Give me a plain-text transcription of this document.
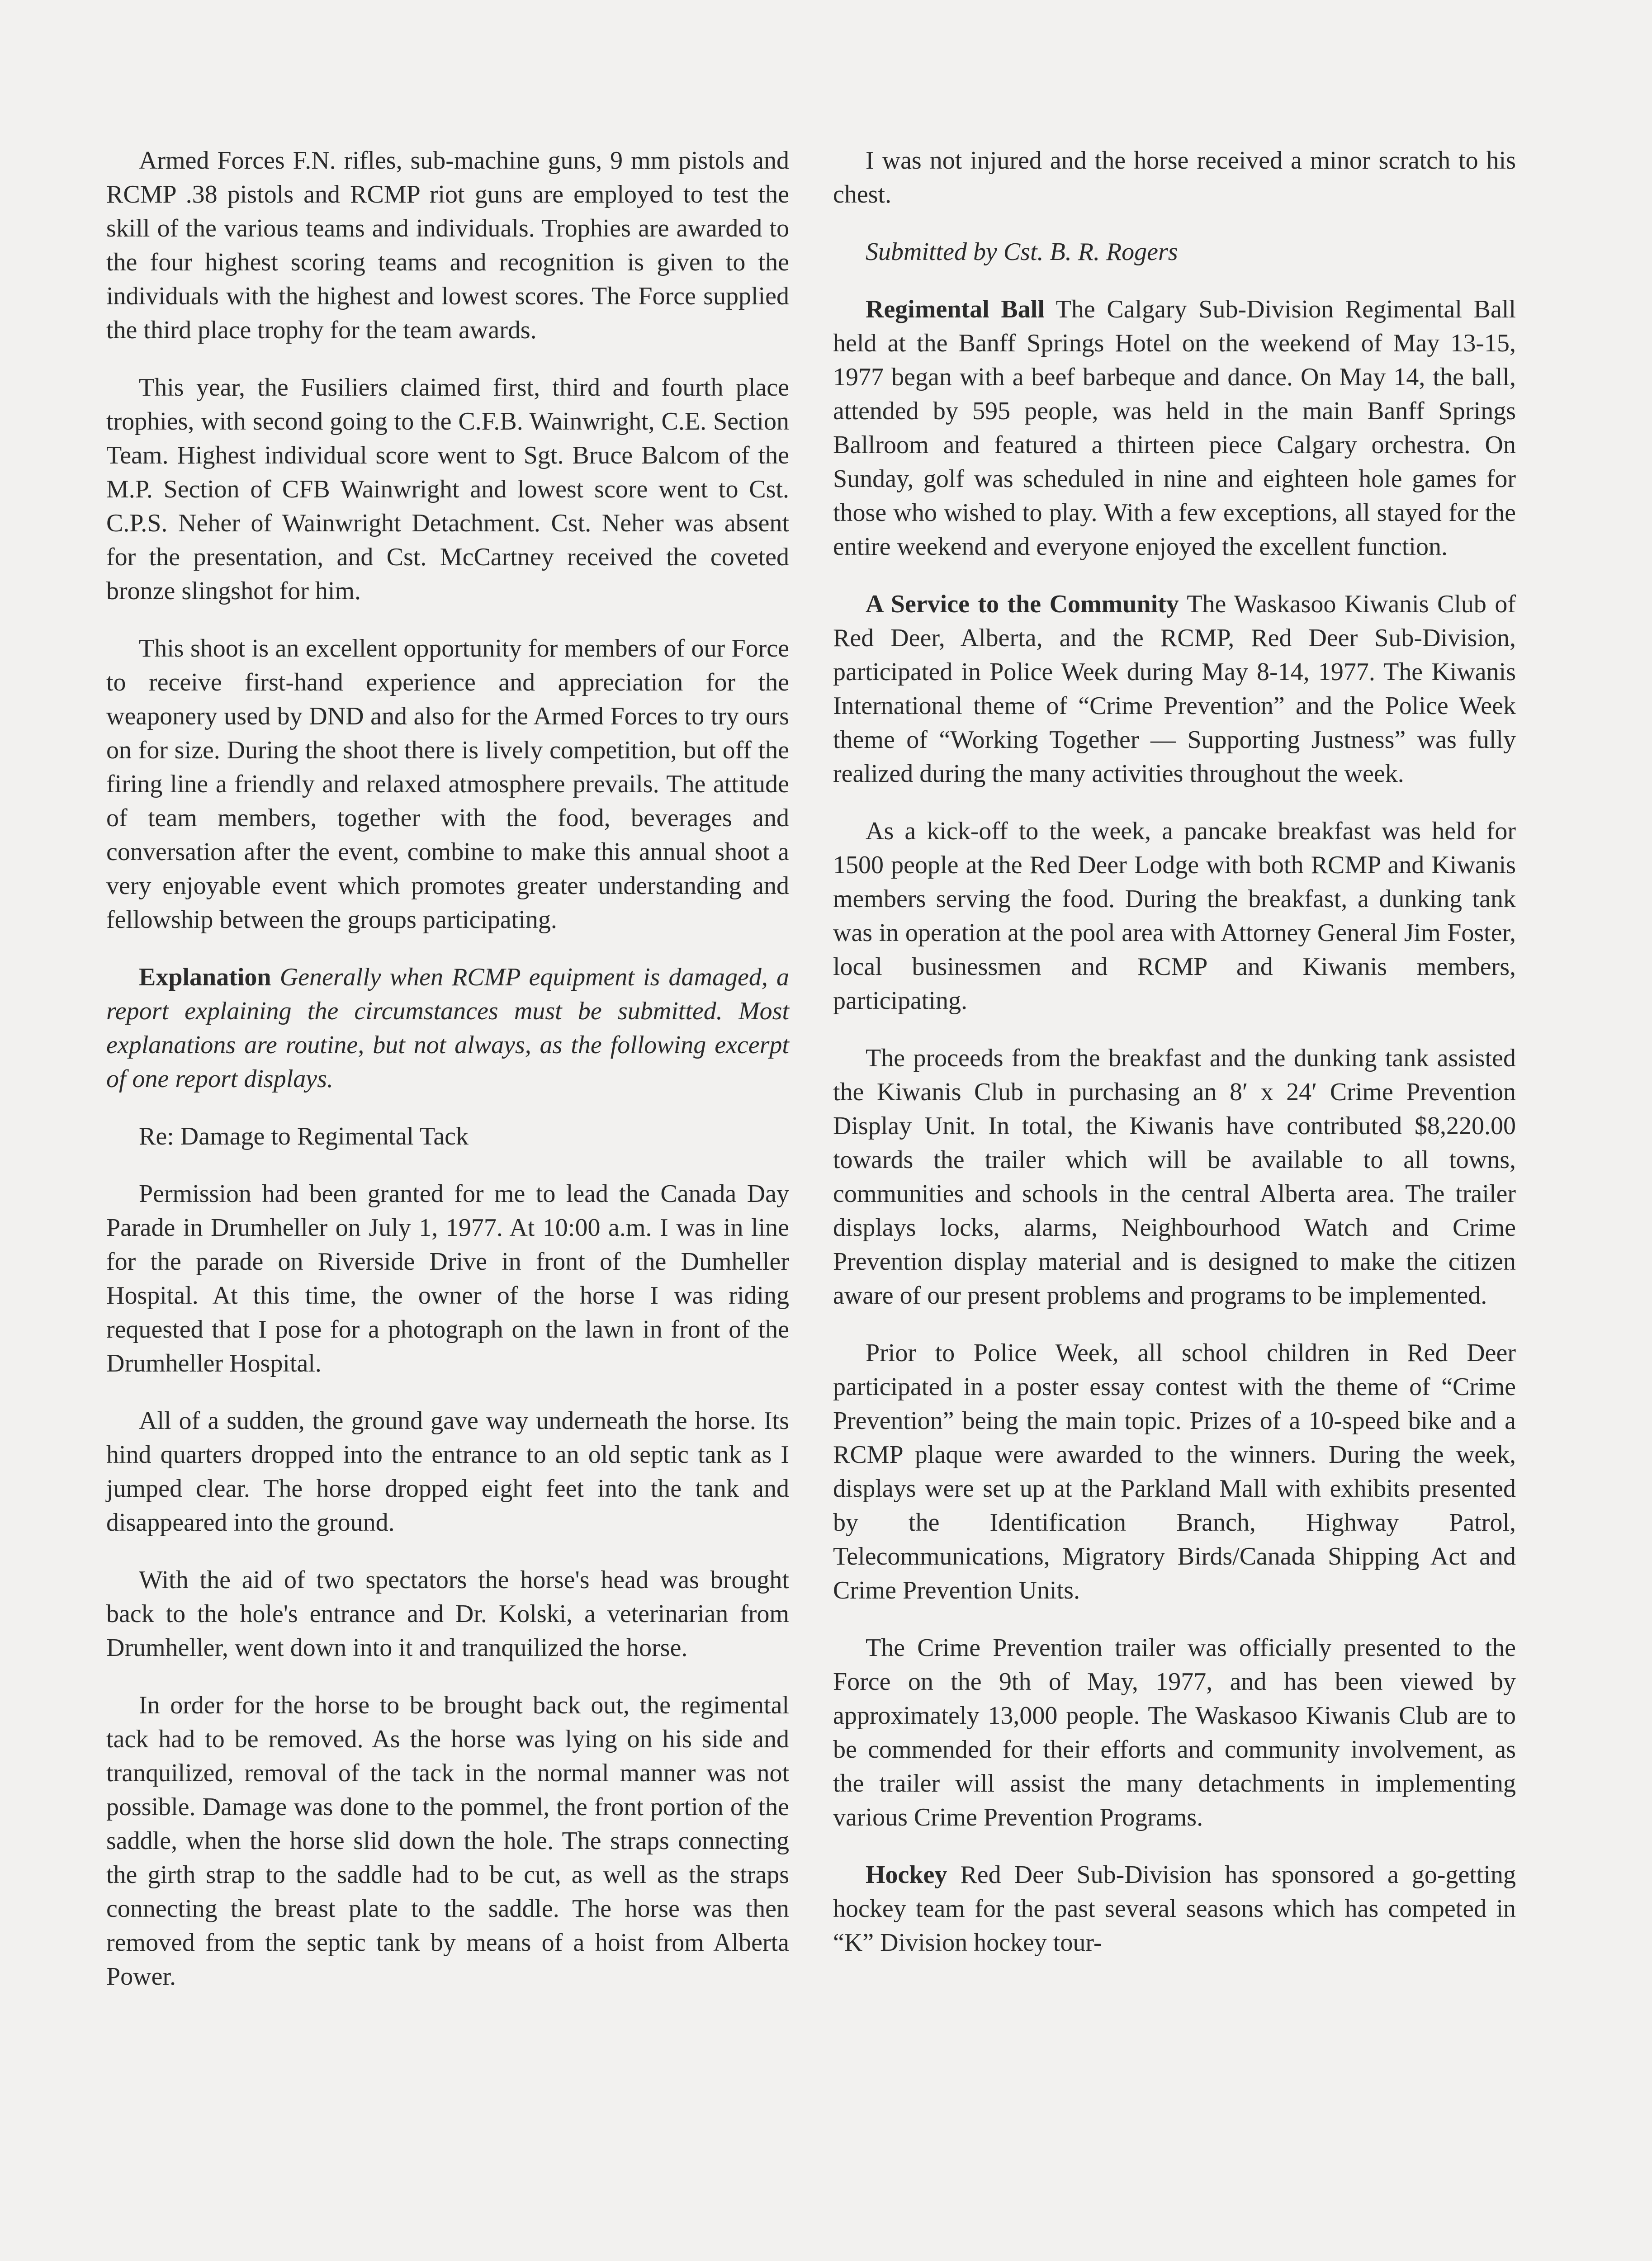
Armed Forces F.N. rifles, sub-machine guns, 9 mm pistols and RCMP .38 pistols and RCMP riot guns are employed to test the skill of the various teams and individuals. Trophies are awarded to the four highest scoring teams and recognition is given to the individuals with the highest and lowest scores. The Force supplied the third place trophy for the team awards.

This year, the Fusiliers claimed first, third and fourth place trophies, with second going to the C.F.B. Wainwright, C.E. Section Team. Highest individual score went to Sgt. Bruce Balcom of the M.P. Section of CFB Wainwright and lowest score went to Cst. C.P.S. Neher of Wainwright Detachment. Cst. Neher was absent for the presentation, and Cst. McCartney received the coveted bronze slingshot for him.

This shoot is an excellent opportunity for members of our Force to receive first-hand experience and appreciation for the weaponery used by DND and also for the Armed Forces to try ours on for size. During the shoot there is lively competition, but off the firing line a friendly and relaxed atmosphere prevails. The attitude of team members, together with the food, beverages and conversation after the event, combine to make this annual shoot a very enjoyable event which promotes greater understanding and fellowship between the groups participating.

Explanation Generally when RCMP equipment is damaged, a report explaining the circumstances must be submitted. Most explanations are routine, but not always, as the following excerpt of one report displays.

Re: Damage to Regimental Tack

Permission had been granted for me to lead the Canada Day Parade in Drumheller on July 1, 1977. At 10:00 a.m. I was in line for the parade on Riverside Drive in front of the Dumheller Hospital. At this time, the owner of the horse I was riding requested that I pose for a photograph on the lawn in front of the Drumheller Hospital.

All of a sudden, the ground gave way underneath the horse. Its hind quarters dropped into the entrance to an old septic tank as I jumped clear. The horse dropped eight feet into the tank and disappeared into the ground.

With the aid of two spectators the horse's head was brought back to the hole's entrance and Dr. Kolski, a veterinarian from Drumheller, went down into it and tranquilized the horse.

In order for the horse to be brought back out, the regimental tack had to be removed. As the horse was lying on his side and tranquilized, removal of the tack in the normal manner was not possible. Damage was done to the pommel, the front portion of the saddle, when the horse slid down the hole. The straps connecting the girth strap to the saddle had to be cut, as well as the straps connecting the breast plate to the saddle. The horse was then removed from the septic tank by means of a hoist from Alberta Power.

I was not injured and the horse received a minor scratch to his chest.

Submitted by Cst. B. R. Rogers

Regimental Ball The Calgary Sub-Division Regimental Ball held at the Banff Springs Hotel on the weekend of May 13-15, 1977 began with a beef barbeque and dance. On May 14, the ball, attended by 595 people, was held in the main Banff Springs Ballroom and featured a thirteen piece Calgary orchestra. On Sunday, golf was scheduled in nine and eighteen hole games for those who wished to play. With a few exceptions, all stayed for the entire weekend and everyone enjoyed the excellent function.

A Service to the Community The Waskasoo Kiwanis Club of Red Deer, Alberta, and the RCMP, Red Deer Sub-Division, participated in Police Week during May 8-14, 1977. The Kiwanis International theme of “Crime Prevention” and the Police Week theme of “Working Together — Supporting Justness” was fully realized during the many activities throughout the week.

As a kick-off to the week, a pancake breakfast was held for 1500 people at the Red Deer Lodge with both RCMP and Kiwanis members serving the food. During the breakfast, a dunking tank was in operation at the pool area with Attorney General Jim Foster, local businessmen and RCMP and Kiwanis members, participating.

The proceeds from the breakfast and the dunking tank assisted the Kiwanis Club in purchasing an 8′ x 24′ Crime Prevention Display Unit. In total, the Kiwanis have contributed $8,220.00 towards the trailer which will be available to all towns, communities and schools in the central Alberta area. The trailer displays locks, alarms, Neighbourhood Watch and Crime Prevention display material and is designed to make the citizen aware of our present problems and programs to be implemented.

Prior to Police Week, all school children in Red Deer participated in a poster essay contest with the theme of “Crime Prevention” being the main topic. Prizes of a 10-speed bike and a RCMP plaque were awarded to the winners. During the week, displays were set up at the Parkland Mall with exhibits presented by the Identification Branch, Highway Patrol, Telecommunications, Migratory Birds/Canada Shipping Act and Crime Prevention Units.

The Crime Prevention trailer was officially presented to the Force on the 9th of May, 1977, and has been viewed by approximately 13,000 people. The Waskasoo Kiwanis Club are to be commended for their efforts and community involvement, as the trailer will assist the many detachments in implementing various Crime Prevention Programs.

Hockey Red Deer Sub-Division has sponsored a go-getting hockey team for the past several seasons which has competed in “K” Division hockey tour-
